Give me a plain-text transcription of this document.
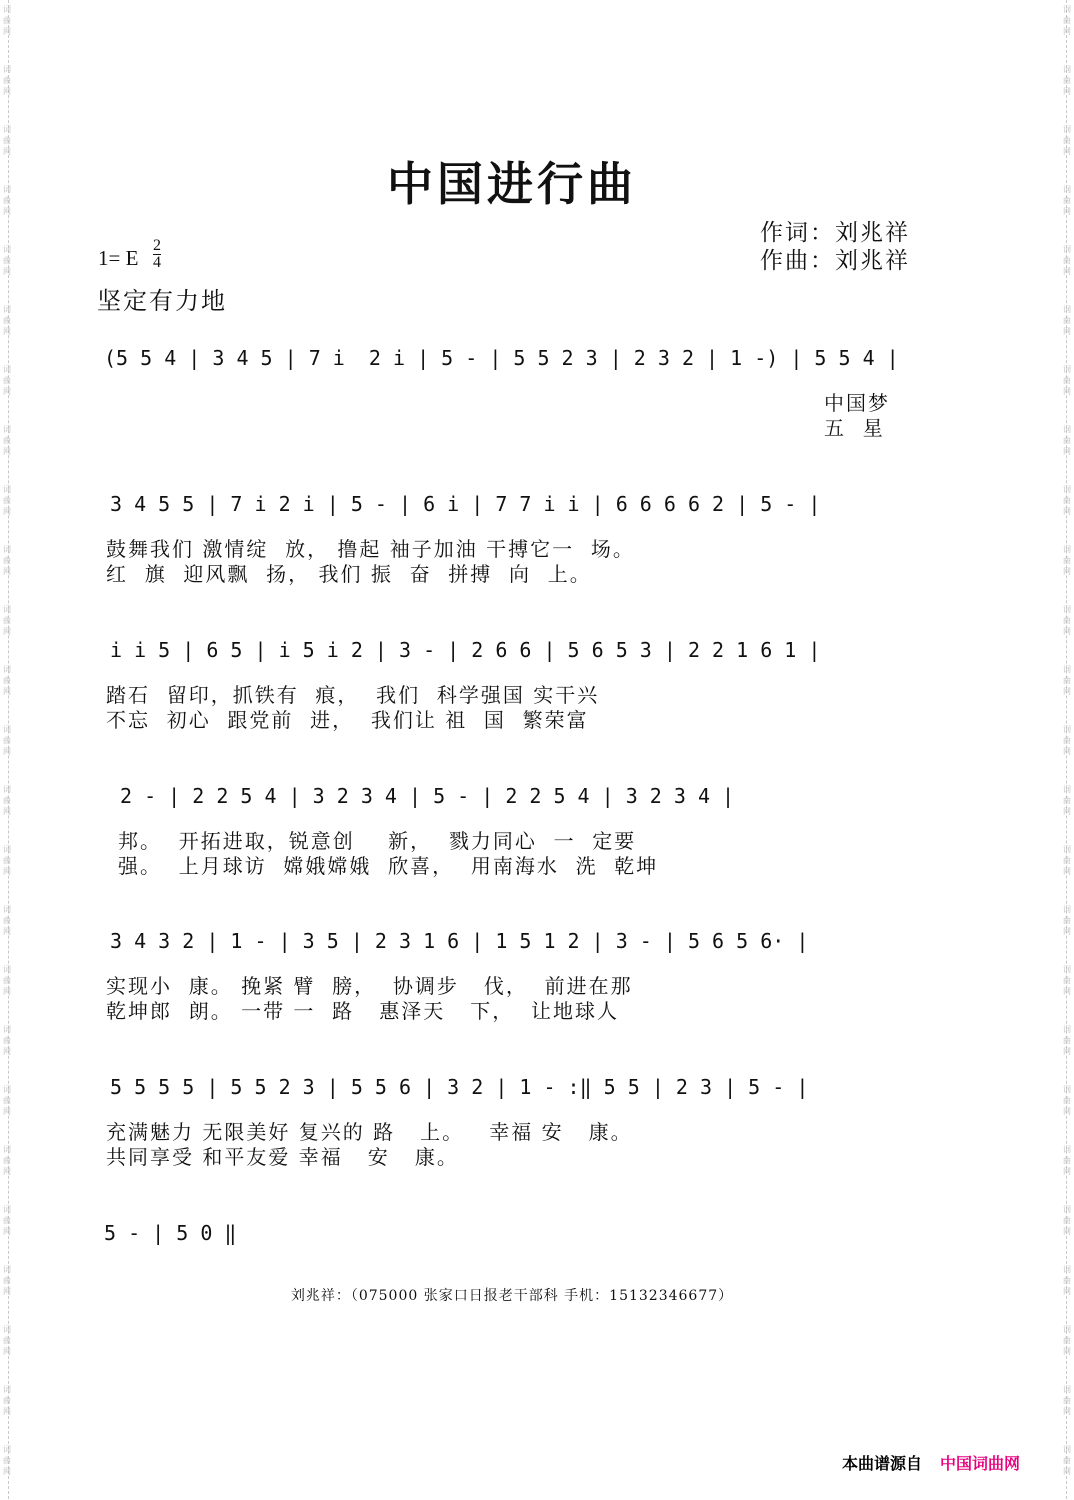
词
曲
网
词
曲
网
词
曲
网
词
曲
网
词
曲
网
词
曲
网
词
曲
网
词
曲
网
词
曲
网
词
曲
网
词
曲
网
词
曲
网
词
曲
网
词
曲
网
词
曲
网
词
曲
网
词
曲
网
词
曲
网
词
曲
网
词
曲
网
词
曲
网
词
曲
网
词
曲
网
词
曲
网
词
曲
网
词
曲
网
词
曲
网
词
曲
网
词
曲
网
词
曲
网
词
曲
网
词
曲
网
词
曲
网
词
曲
网
词
曲
网
词
曲
网
词
曲
网
词
曲
网
词
曲
网
词
曲
网
词
曲
网
词
曲
网
词
曲
网
词
曲
网
词
曲
网
词
曲
网
词
曲
网
词
曲
网
词
曲
网
词
曲
网
中国进行曲
作词：刘兆祥
作曲：刘兆祥
1= E
2
4
坚定有力地
(5 5 4 | 3 4 5 | 7 i  2 i | 5 - | 5 5 2 3 | 2 3 2 | 1 -) | 5 5 4 |
中国梦
五  星
3 4 5 5 | 7 i 2 i | 5 - | 6 i | 7 7 i i | 6 6 6 6 2 | 5 - |
鼓舞我们 激情绽  放， 撸起 袖子加油 干搏它一  场。
红  旗  迎风飘  扬， 我们 振  奋  拼搏  向  上。
i i 5 | 6 5 | i 5 i 2 | 3 - | 2 6 6 | 5 6 5 3 | 2 2 1 6 1 |
踏石  留印，抓铁有  痕，  我们  科学强国 实干兴
不忘  初心  跟党前  进，  我们让 祖  国  繁荣富
2 - | 2 2 5 4 | 3 2 3 4 | 5 - | 2 2 5 4 | 3 2 3 4 |
邦。  开拓进取，锐意创    新，  戮力同心  一  定要
强。  上月球访  嫦娥嫦娥  欣喜，  用南海水  洗  乾坤
3 4 3 2 | 1 - | 3 5 | 2 3 1 6 | 1 5 1 2 | 3 - | 5 6 5 6· |
实现小  康。 挽紧 臂  膀，  协调步   伐，  前进在那
乾坤郎  朗。 一带 一  路   惠泽天   下，  让地球人
5 5 5 5 | 5 5 2 3 | 5 5 6 | 3 2 | 1 - :‖ 5 5 | 2 3 | 5 - |
充满魅力 无限美好 复兴的 路   上。   幸福 安   康。
共同享受 和平友爱 幸福   安   康。
5 - | 5 0 ‖
刘兆祥：（075000 张家口日报老干部科 手机：15132346677）
本曲谱源自 中国词曲网
